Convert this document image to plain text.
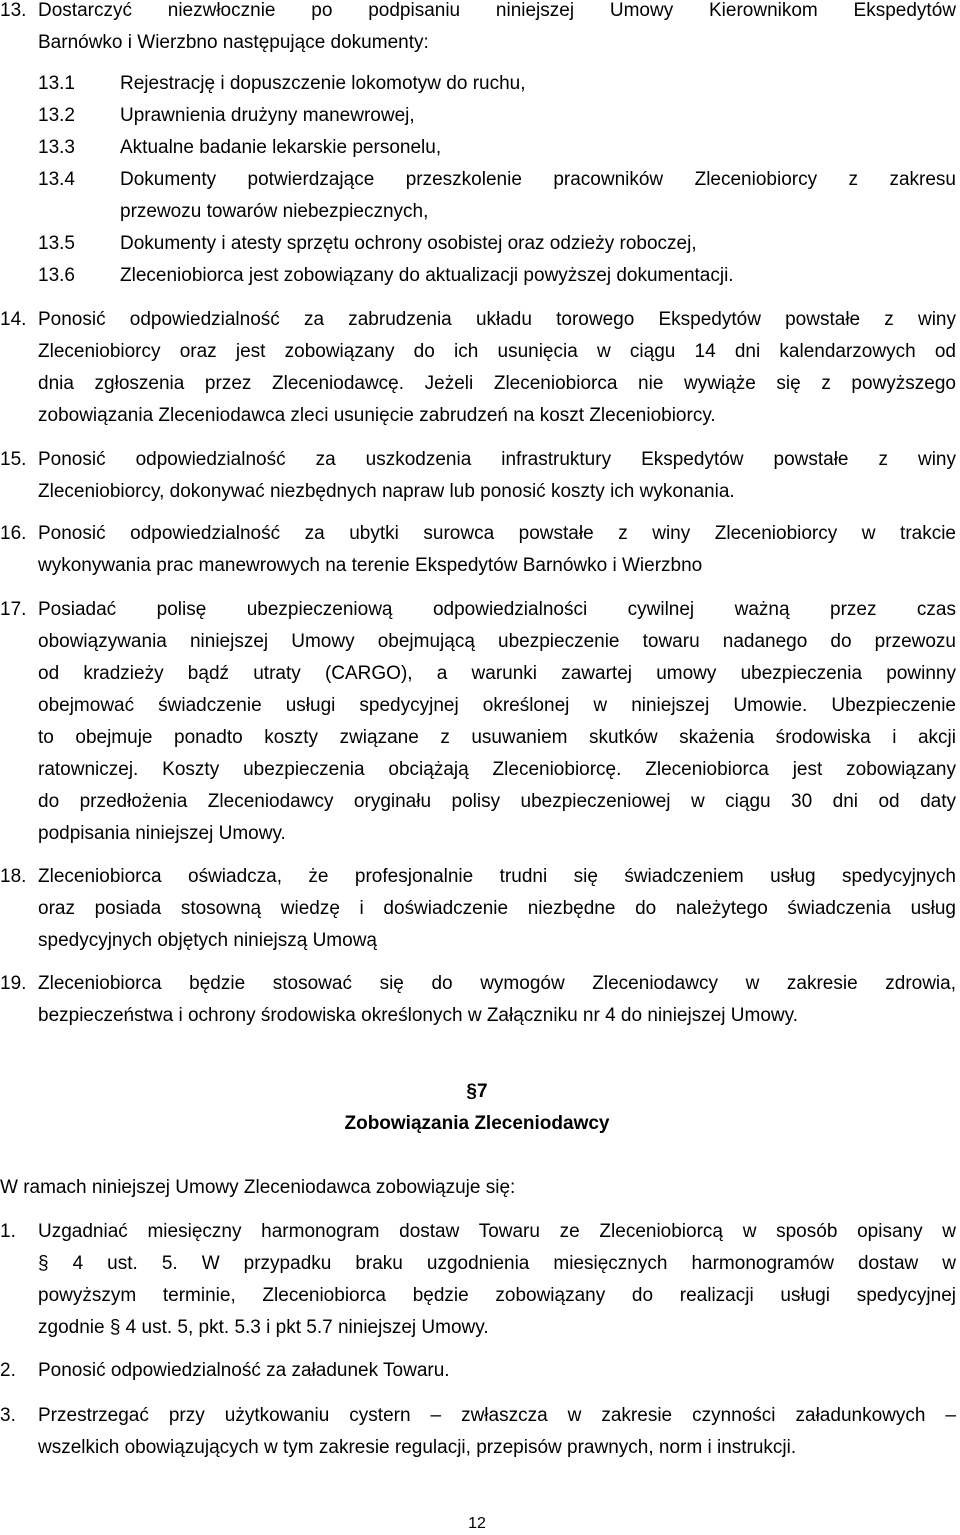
13. Dostarczyć niezwłocznie po podpisaniu niniejszej Umowy Kierownikom Ekspedytów
Barnówko i Wierzbno następujące dokumenty:
13.1 Rejestrację i dopuszczenie lokomotyw do ruchu,
13.2 Uprawnienia drużyny manewrowej,
13.3 Aktualne badanie lekarskie personelu,
13.4 Dokumenty potwierdzające przeszkolenie pracowników Zleceniobiorcy z zakresu
przewozu towarów niebezpiecznych,
13.5 Dokumenty i atesty sprzętu ochrony osobistej oraz odzieży roboczej,
13.6 Zleceniobiorca jest zobowiązany do aktualizacji powyższej dokumentacji.
14. Ponosić odpowiedzialność za zabrudzenia układu torowego Ekspedytów powstałe z winy
Zleceniobiorcy oraz jest zobowiązany do ich usunięcia w ciągu 14 dni kalendarzowych od
dnia zgłoszenia przez Zleceniodawcę. Jeżeli Zleceniobiorca nie wywiąże się z powyższego
zobowiązania Zleceniodawca zleci usunięcie zabrudzeń na koszt Zleceniobiorcy.
15. Ponosić odpowiedzialność za uszkodzenia infrastruktury Ekspedytów powstałe z winy
Zleceniobiorcy, dokonywać niezbędnych napraw lub ponosić koszty ich wykonania.
16. Ponosić odpowiedzialność za ubytki surowca powstałe z winy Zleceniobiorcy w trakcie
wykonywania prac manewrowych na terenie Ekspedytów Barnówko i Wierzbno
17. Posiadać polisę ubezpieczeniową odpowiedzialności cywilnej ważną przez czas
obowiązywania niniejszej Umowy obejmującą ubezpieczenie towaru nadanego do przewozu
od kradzieży bądź utraty (CARGO), a warunki zawartej umowy ubezpieczenia powinny
obejmować świadczenie usługi spedycyjnej określonej w niniejszej Umowie. Ubezpieczenie
to obejmuje ponadto koszty związane z usuwaniem skutków skażenia środowiska i akcji
ratowniczej. Koszty ubezpieczenia obciążają Zleceniobiorcę. Zleceniobiorca jest zobowiązany
do przedłożenia Zleceniodawcy oryginału polisy ubezpieczeniowej w ciągu 30 dni od daty
podpisania niniejszej Umowy.
18. Zleceniobiorca oświadcza, że profesjonalnie trudni się świadczeniem usług spedycyjnych
oraz posiada stosowną wiedzę i doświadczenie niezbędne do należytego świadczenia usług
spedycyjnych objętych niniejszą Umową
19. Zleceniobiorca będzie stosować się do wymogów Zleceniodawcy w zakresie zdrowia,
bezpieczeństwa i ochrony środowiska określonych w Załączniku nr 4 do niniejszej Umowy.
§7
Zobowiązania Zleceniodawcy
W ramach niniejszej Umowy Zleceniodawca zobowiązuje się:
1. Uzgadniać miesięczny harmonogram dostaw Towaru ze Zleceniobiorcą w sposób opisany w
§ 4 ust. 5. W przypadku braku uzgodnienia miesięcznych harmonogramów dostaw w
powyższym terminie, Zleceniobiorca będzie zobowiązany do realizacji usługi spedycyjnej
zgodnie § 4 ust. 5, pkt. 5.3 i pkt 5.7 niniejszej Umowy.
2. Ponosić odpowiedzialność za załadunek Towaru.
3. Przestrzegać przy użytkowaniu cystern – zwłaszcza w zakresie czynności załadunkowych –
wszelkich obowiązujących w tym zakresie regulacji, przepisów prawnych, norm i instrukcji.
12
